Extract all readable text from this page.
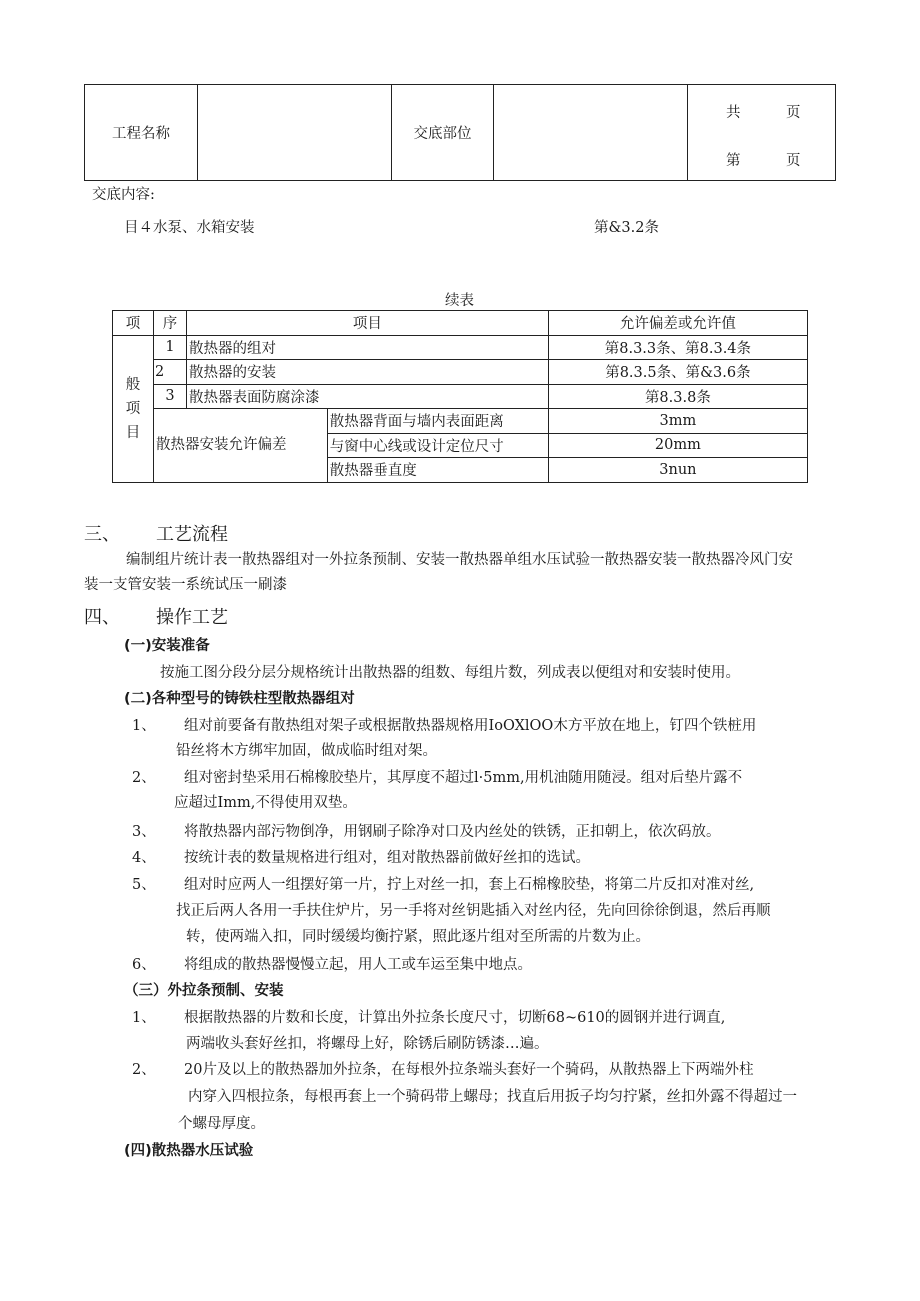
工程名称		交底部位		
共	页
第	页
交底内容:
目４水泵、水箱安装	第&3.2条
续表
项	序	项目		允许偏差或允许值
般项目	1	散热器的组对		第8.3.3条、第8.3.4条
	2	散热器的安装		第8.3.5条、第&3.6条
	3	散热器表面防腐涂漆		第8.3.8条
	散热器安装允许偏差		散热器背面与墙内表面距离	3mm
			与窗中心线或设计定位尺寸	20mm
			散热器垂直度	3nun
三、 工艺流程
编制组片统计表一散热器组对一外拉条预制、安装一散热器单组水压试验一散热器安装一散热器冷风门安
装一支管安装一系统试压一刷漆
四、 操作工艺
(一)安装准备
按施工图分段分层分规格统计出散热器的组数、每组片数，列成表以便组对和安装时使用。
(二)各种型号的铸铁柱型散热器组对
1、 组对前要备有散热组对架子或根据散热器规格用IoOXlOO木方平放在地上，钉四个铁桩用
铅丝将木方绑牢加固，做成临时组对架。
2、 组对密封垫采用石棉橡胶垫片，其厚度不超过l·5mm,用机油随用随浸。组对后垫片露不
应超过Imm,不得使用双垫。
3、 将散热器内部污物倒净，用钢刷子除净对口及内丝处的铁锈，正扣朝上，依次码放。
4、 按统计表的数量规格进行组对，组对散热器前做好丝扣的选试。
5、 组对时应两人一组摆好第一片，拧上对丝一扣，套上石棉橡胶垫，将第二片反扣对准对丝,
找正后两人各用一手扶住炉片，另一手将对丝钥匙插入对丝内径，先向回徐徐倒退，然后再顺
转，使两端入扣，同时缓缓均衡拧紧，照此逐片组对至所需的片数为止。
6、 将组成的散热器慢慢立起，用人工或车运至集中地点。
（三）外拉条预制、安装
1、 根据散热器的片数和长度，计算出外拉条长度尺寸，切断68~610的圆钢并进行调直,
两端收头套好丝扣，将螺母上好，除锈后刷防锈漆…遍。
2、 20片及以上的散热器加外拉条，在每根外拉条端头套好一个骑码，从散热器上下两端外柱
内穿入四根拉条，每根再套上一个骑码带上螺母；找直后用扳子均匀拧紧，丝扣外露不得超过一
个螺母厚度。
(四)散热器水压试验
